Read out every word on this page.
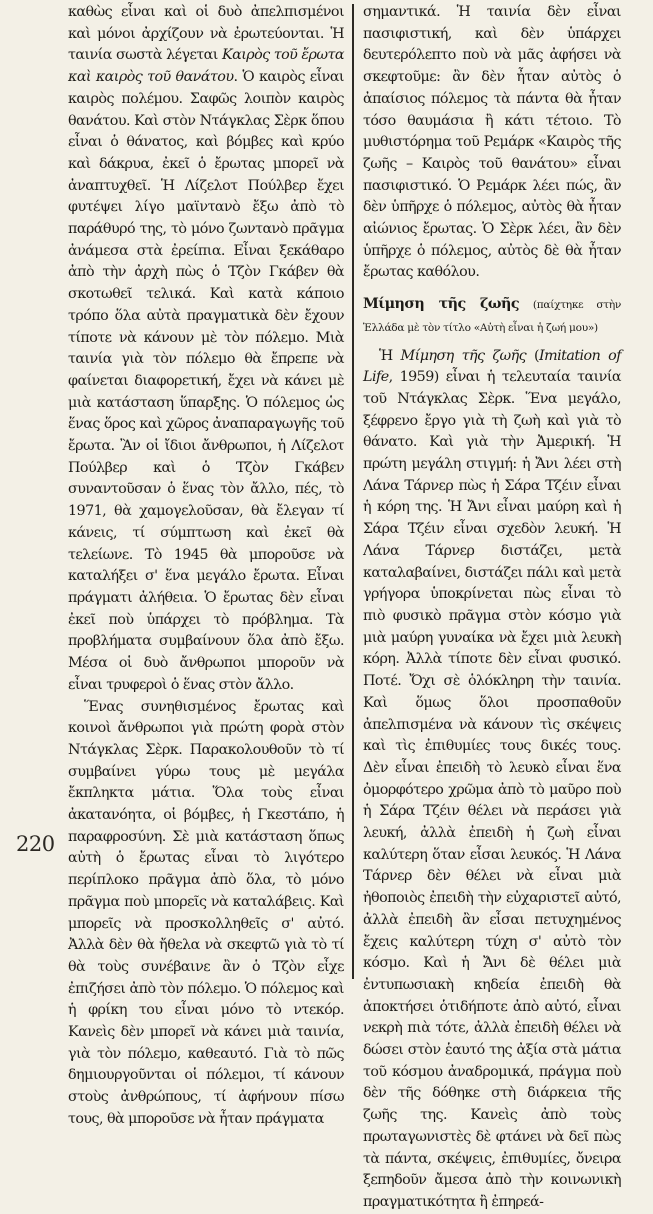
καθὼς εἶναι καὶ οἱ δυὸ ἀπελπισμένοι καὶ μόνοι ἀρχίζουν νὰ ἐρωτεύονται. Ἡ ταινία σωστὰ λέγεται Καιρὸς τοῦ ἔρωτα καὶ καιρὸς τοῦ θανάτου. Ὁ καιρὸς εἶναι καιρὸς πολέμου. Σαφῶς λοιπὸν καιρὸς θανάτου. Καὶ στὸν Ντάγκλας Σὲρκ ὅπου εἶναι ὁ θάνατος, καὶ βόμβες καὶ κρύο καὶ δάκρυα, ἐκεῖ ὁ ἔρωτας μπορεῖ νὰ ἀναπτυχθεῖ. Ἡ Λίζελοτ Πούλβερ ἔχει φυτέψει λίγο μαϊντανὸ ἔξω ἀπὸ τὸ παράθυρό της, τὸ μόνο ζωντανὸ πρᾶγμα ἀνάμεσα στὰ ἐρείπια. Εἶναι ξεκάθαρο ἀπὸ τὴν ἀρχὴ πὼς ὁ Τζὸν Γκάβεν θὰ σκοτωθεῖ τελικά. Καὶ κατὰ κάποιο τρόπο ὅλα αὐτὰ πραγματικὰ δὲν ἔχουν τίποτε νὰ κάνουν μὲ τὸν πόλεμο. Μιὰ ταινία γιὰ τὸν πόλεμο θὰ ἔπρεπε νὰ φαίνεται διαφορετική, ἔχει νὰ κάνει μὲ μιὰ κατάσταση ὕπαρξης. Ὁ πόλεμος ὡς ἕνας ὅρος καὶ χῶρος ἀναπαραγωγῆς τοῦ ἔρωτα. Ἂν οἱ ἴδιοι ἄνθρωποι, ἡ Λίζελοτ Πούλβερ καὶ ὁ Τζὸν Γκάβεν συναντοῦσαν ὁ ἕνας τὸν ἄλλο, πές, τὸ 1971, θὰ χαμογελοῦσαν, θὰ ἔλεγαν τί κάνεις, τί σύμπτωση καὶ ἐκεῖ θὰ τελείωνε. Τὸ 1945 θὰ μποροῦσε νὰ καταλήξει σ' ἕνα μεγάλο ἔρωτα. Εἶναι πράγματι ἀλήθεια. Ὁ ἔρωτας δὲν εἶναι ἐκεῖ ποὺ ὑπάρχει τὸ πρόβλημα. Τὰ προβλήματα συμβαίνουν ὅλα ἀπὸ ἔξω. Μέσα οἱ δυὸ ἄνθρωποι μποροῦν νὰ εἶναι τρυφεροὶ ὁ ἕνας στὸν ἄλλο.

Ἕνας συνηθισμένος ἔρωτας καὶ κοινοὶ ἄνθρωποι γιὰ πρώτη φορὰ στὸν Ντάγκλας Σὲρκ. Παρακολουθοῦν τὸ τί συμβαίνει γύρω τους μὲ μεγάλα ἔκπληκτα μάτια. Ὅλα τοὺς εἶναι ἀκατανόητα, οἱ βόμβες, ἡ Γκεστάπο, ἡ παραφροσύνη. Σὲ μιὰ κατάσταση ὅπως αὐτὴ ὁ ἔρωτας εἶναι τὸ λιγότερο περίπλοκο πρᾶγμα ἀπὸ ὅλα, τὸ μόνο πρᾶγμα ποὺ μπορεῖς νὰ καταλάβεις. Καὶ μπορεῖς νὰ προσκολληθεῖς σ' αὐτό. Ἀλλὰ δὲν θὰ ἤθελα νὰ σκεφτῶ γιὰ τὸ τί θὰ τοὺς συνέβαινε ἂν ὁ Τζὸν εἶχε ἐπιζήσει ἀπὸ τὸν πόλεμο. Ὁ πόλεμος καὶ ἡ φρίκη του εἶναι μόνο τὸ ντεκόρ. Κανεὶς δὲν μπορεῖ νὰ κάνει μιὰ ταινία, γιὰ τὸν πόλεμο, καθεαυτό. Γιὰ τὸ πῶς δημιουργοῦνται οἱ πόλεμοι, τί κάνουν στοὺς ἀνθρώπους, τί ἀφήνουν πίσω τους, θὰ μποροῦσε νὰ ἦταν πράγματα

σημαντικά. Ἡ ταινία δὲν εἶναι πασιφιστική, καὶ δὲν ὑπάρχει δευτερόλεπτο ποὺ νὰ μᾶς ἀφήσει νὰ σκεφτοῦμε: ἂν δὲν ἦταν αὐτὸς ὁ ἀπαίσιος πόλεμος τὰ πάντα θὰ ἦταν τόσο θαυμάσια ἢ κάτι τέτοιο. Τὸ μυθιστόρημα τοῦ Ρεμάρκ «Καιρὸς τῆς ζωῆς – Καιρὸς τοῦ θανάτου» εἶναι πασιφιστικό. Ὁ Ρεμάρκ λέει πώς, ἂν δὲν ὑπῆρχε ὁ πόλεμος, αὐτὸς θὰ ἦταν αἰώνιος ἔρωτας. Ὁ Σὲρκ λέει, ἂν δὲν ὑπῆρχε ὁ πόλεμος, αὐτὸς δὲ θὰ ἦταν ἔρωτας καθόλου.

Μίμηση τῆς ζωῆς (παίχτηκε στὴν Ἑλλάδα μὲ τὸν τίτλο «Αὐτὴ εἶναι ἡ ζωή μου»)

Ἡ Μίμηση τῆς ζωῆς (Imitation of Life, 1959) εἶναι ἡ τελευταία ταινία τοῦ Ντάγκλας Σὲρκ. Ἕνα μεγάλο, ξέφρενο ἔργο γιὰ τὴ ζωὴ καὶ γιὰ τὸ θάνατο. Καὶ γιὰ τὴν Ἀμερική. Ἡ πρώτη μεγάλη στιγμή: ἡ Ἄνι λέει στὴ Λάνα Τάρνερ πὼς ἡ Σάρα Τζέιν εἶναι ἡ κόρη της. Ἡ Ἄνι εἶναι μαύρη καὶ ἡ Σάρα Τζέιν εἶναι σχεδὸν λευκή. Ἡ Λάνα Τάρνερ διστάζει, μετὰ καταλαβαίνει, διστάζει πάλι καὶ μετὰ γρήγορα ὑποκρίνεται πὼς εἶναι τὸ πιὸ φυσικὸ πρᾶγμα στὸν κόσμο γιὰ μιὰ μαύρη γυναίκα νὰ ἔχει μιὰ λευκὴ κόρη. Ἀλλὰ τίποτε δὲν εἶναι φυσικό. Ποτέ. Ὄχι σὲ ὁλόκληρη τὴν ταινία. Καὶ ὅμως ὅλοι προσπαθοῦν ἀπελπισμένα νὰ κάνουν τὶς σκέψεις καὶ τὶς ἐπιθυμίες τους δικές τους. Δὲν εἶναι ἐπειδὴ τὸ λευκὸ εἶναι ἕνα ὀμορφότερο χρῶμα ἀπὸ τὸ μαῦρο ποὺ ἡ Σάρα Τζέιν θέλει νὰ περάσει γιὰ λευκή, ἀλλὰ ἐπειδὴ ἡ ζωὴ εἶναι καλύτερη ὅταν εἶσαι λευκός. Ἡ Λάνα Τάρνερ δὲν θέλει νὰ εἶναι μιὰ ἠθοποιὸς ἐπειδὴ τὴν εὐχαριστεῖ αὐτό, ἀλλὰ ἐπειδὴ ἂν εἶσαι πετυχημένος ἔχεις καλύτερη τύχη σ' αὐτὸ τὸν κόσμο. Καὶ ἡ Ἄνι δὲ θέλει μιὰ ἐντυπωσιακὴ κηδεία ἐπειδὴ θὰ ἀποκτήσει ὁτιδήποτε ἀπὸ αὐτό, εἶναι νεκρὴ πιὰ τότε, ἀλλὰ ἐπειδὴ θέλει νὰ δώσει στὸν ἑαυτό της ἀξία στὰ μάτια τοῦ κόσμου ἀναδρομικά, πράγμα ποὺ δὲν τῆς δόθηκε στὴ διάρκεια τῆς ζωῆς της. Κανεὶς ἀπὸ τοὺς πρωταγωνιστὲς δὲ φτάνει νὰ δεῖ πὼς τὰ πάντα, σκέψεις, ἐπιθυμίες, ὄνειρα ξεπηδοῦν ἄμεσα ἀπὸ τὴν κοινωνικὴ πραγματικότητα ἢ ἐπηρεά-

220
